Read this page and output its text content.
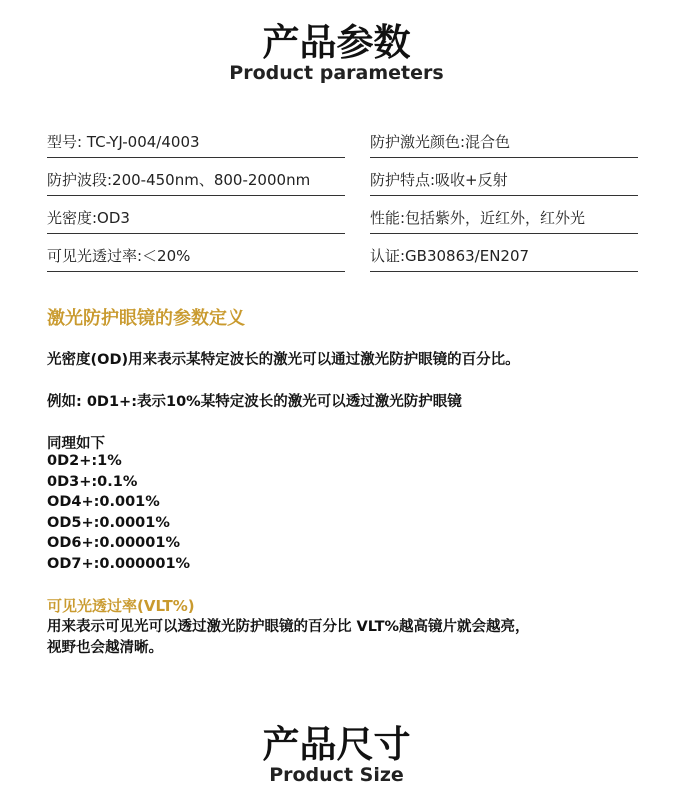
产品参数
Product parameters
型号: TC-YJ-004/4003	防护激光颜色:混合色
防护波段:200-450nm、800-2000nm	防护特点:吸收+反射
光密度:OD3	性能:包括紫外，近红外，红外光
可见光透过率:＜20%	认证:GB30863/EN207
激光防护眼镜的参数定义
光密度(OD)用来表示某特定波长的激光可以通过激光防护眼镜的百分比。
例如: 0D1+:表示10%某特定波长的激光可以透过激光防护眼镜
同理如下
0D2+:1%
0D3+:0.1%
OD4+:0.001%
OD5+:0.0001%
OD6+:0.00001%
OD7+:0.000001%
可见光透过率(VLT%)
用来表示可见光可以透过激光防护眼镜的百分比 VLT%越高镜片就会越亮，
视野也会越清晰。
产品尺寸
Product Size
